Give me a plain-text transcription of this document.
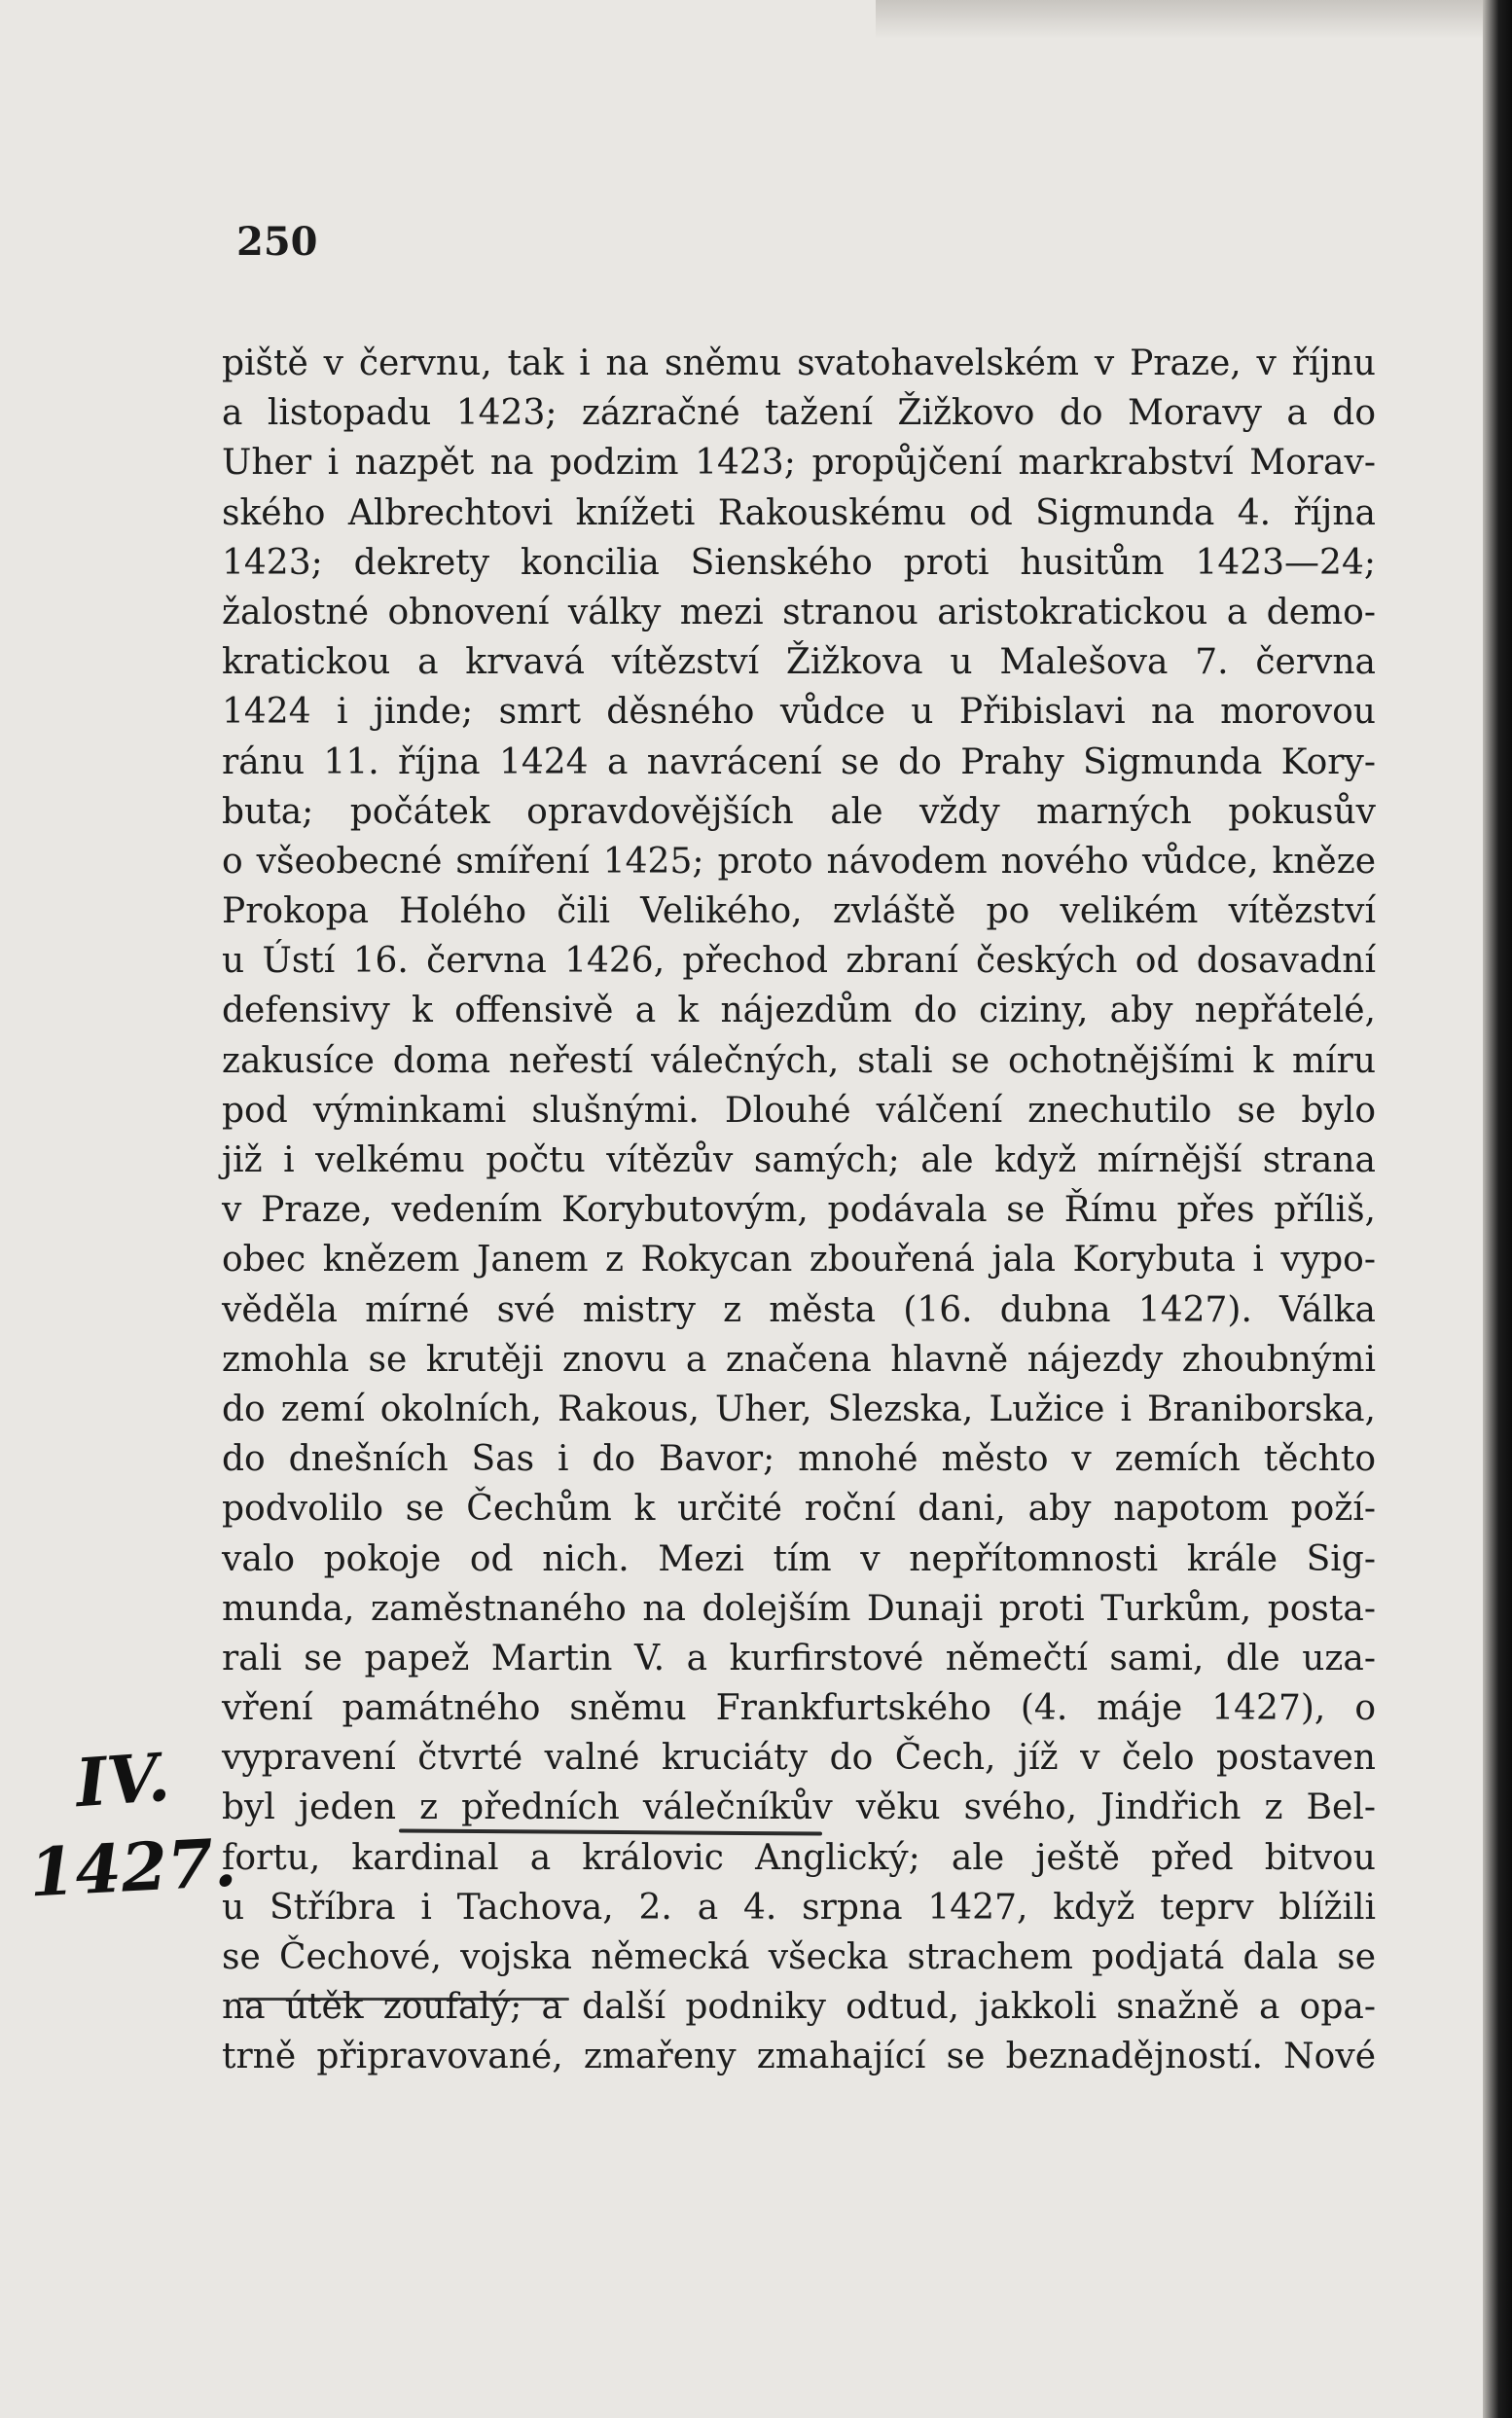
250
IV.
1427.
piště v červnu, tak i na sněmu svatohavelském v Praze, v říjnu
a listopadu 1423; zázračné tažení Žižkovo do Moravy a do
Uher i nazpět na podzim 1423; propůjčení markrabství Morav-
ského Albrechtovi knížeti Rakouskému od Sigmunda 4. října
1423; dekrety koncilia Sienského proti husitům 1423—24;
žalostné obnovení války mezi stranou aristokratickou a demo-
kratickou a krvavá vítězství Žižkova u Malešova 7. června
1424 i jinde; smrt děsného vůdce u Přibislavi na morovou
ránu 11. října 1424 a navrácení se do Prahy Sigmunda Kory-
buta; počátek opravdovějších ale vždy marných pokusův
o všeobecné smíření 1425; proto návodem nového vůdce, kněze
Prokopa Holého čili Velikého, zvláště po velikém vítězství
u Ústí 16. června 1426, přechod zbraní českých od dosavadní
defensivy k offensivě a k nájezdům do ciziny, aby nepřátelé,
zakusíce doma neřestí válečných, stali se ochotnějšími k míru
pod výminkami slušnými. Dlouhé válčení znechutilo se bylo
již i velkému počtu vítězův samých; ale když mírnější strana
v Praze, vedením Korybutovým, podávala se Římu přes příliš,
obec knězem Janem z Rokycan zbouřená jala Korybuta i vypo-
věděla mírné své mistry z města (16. dubna 1427). Válka
zmohla se krutěji znovu a značena hlavně nájezdy zhoubnými
do zemí okolních, Rakous, Uher, Slezska, Lužice i Braniborska,
do dnešních Sas i do Bavor; mnohé město v zemích těchto
podvolilo se Čechům k určité roční dani, aby napotom poží-
valo pokoje od nich. Mezi tím v nepřítomnosti krále Sig-
munda, zaměstnaného na dolejším Dunaji proti Turkům, posta-
rali se papež Martin V. a kurfirstové němečtí sami, dle uza-
vření památného sněmu Frankfurtského (4. máje 1427), o
vypravení čtvrté valné kruciáty do Čech, jíž v čelo postaven
byl jeden z předních válečníkův věku svého, Jindřich z Bel-
fortu, kardinal a královic Anglický; ale ještě před bitvou
u Stříbra i Tachova, 2. a 4. srpna 1427, když teprv blížili
se Čechové, vojska německá všecka strachem podjatá dala se
na útěk zoufalý; a další podniky odtud, jakkoli snažně a opa-
trně připravované, zmařeny zmahající se beznadějností. Nové
